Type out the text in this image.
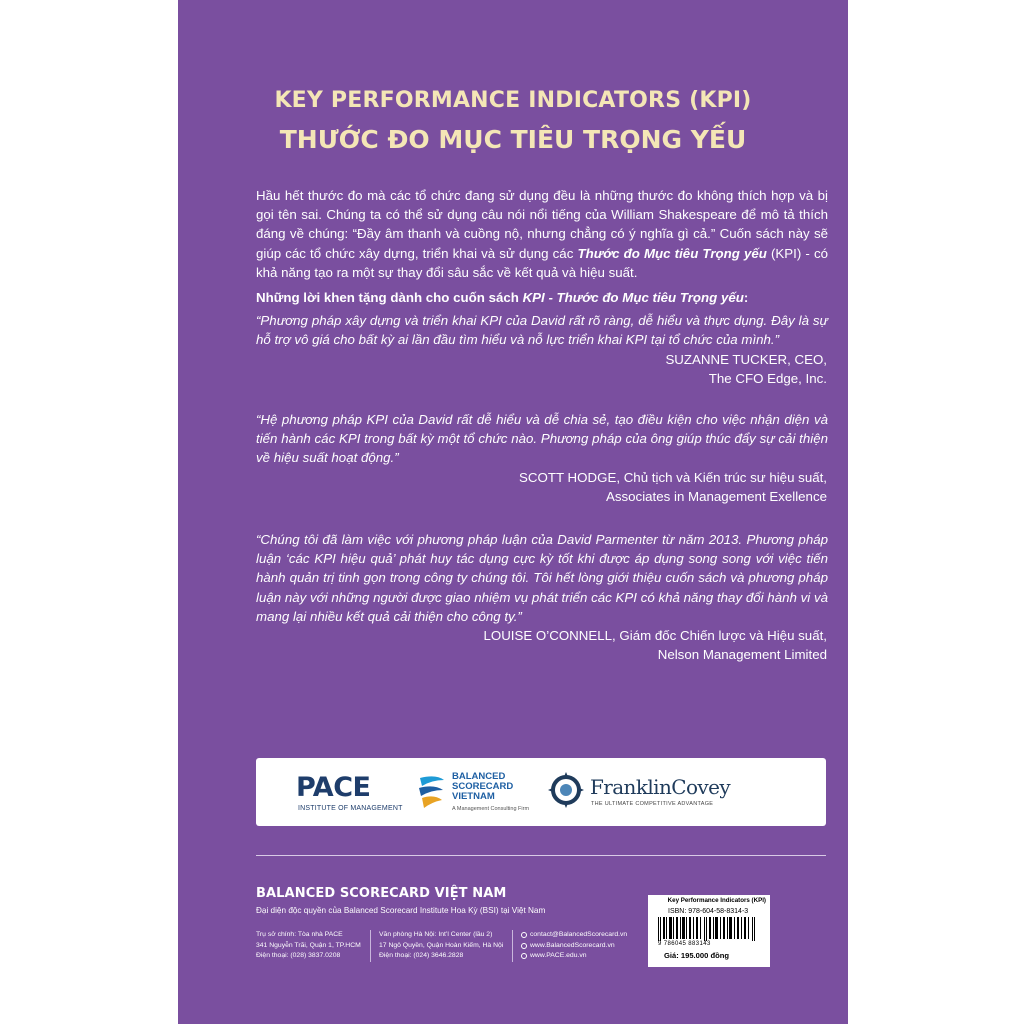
KEY PERFORMANCE INDICATORS (KPI)
THƯỚC ĐO MỤC TIÊU TRỌNG YẾU

Hầu hết thước đo mà các tổ chức đang sử dụng đều là những thước đo không thích hợp và bị gọi tên sai. Chúng ta có thể sử dụng câu nói nổi tiếng của William Shakespeare để mô tả thích đáng về chúng: “Đầy âm thanh và cuồng nộ, nhưng chẳng có ý nghĩa gì cả.” Cuốn sách này sẽ giúp các tổ chức xây dựng, triển khai và sử dụng các Thước đo Mục tiêu Trọng yếu (KPI) - có khả năng tạo ra một sự thay đổi sâu sắc về kết quả và hiệu suất.

Những lời khen tặng dành cho cuốn sách KPI - Thước đo Mục tiêu Trọng yếu:

“Phương pháp xây dựng và triển khai KPI của David rất rõ ràng, dễ hiểu và thực dụng. Đây là sự hỗ trợ vô giá cho bất kỳ ai lần đầu tìm hiểu và nỗ lực triển khai KPI tại tổ chức của mình.”

SUZANNE TUCKER, CEO,

The CFO Edge, Inc.

“Hệ phương pháp KPI của David rất dễ hiểu và dễ chia sẻ, tạo điều kiện cho việc nhận diện và tiến hành các KPI trong bất kỳ một tổ chức nào. Phương pháp của ông giúp thúc đẩy sự cải thiện về hiệu suất hoạt động.”

SCOTT HODGE, Chủ tịch và Kiến trúc sư hiệu suất,

Associates in Management Exellence

“Chúng tôi đã làm việc với phương pháp luận của David Parmenter từ năm 2013. Phương pháp luận ‘các KPI hiệu quả’ phát huy tác dụng cực kỳ tốt khi được áp dụng song song với việc tiến hành quản trị tinh gọn trong công ty chúng tôi. Tôi hết lòng giới thiệu cuốn sách và phương pháp luận này với những người được giao nhiệm vụ phát triển các KPI có khả năng thay đổi hành vi và mang lại nhiều kết quả cải thiện cho công ty.”

LOUISE O’CONNELL, Giám đốc Chiến lược và Hiệu suất,

Nelson Management Limited

PACE
INSTITUTE OF MANAGEMENT
BALANCED
SCORECARD
VIETNAM
A Management Consulting Firm
FranklinCovey
THE ULTIMATE COMPETITIVE ADVANTAGE
BALANCED SCORECARD VIỆT NAM
Đại diện độc quyền của Balanced Scorecard Institute Hoa Kỳ (BSI) tại Việt Nam
Trụ sở chính: Tòa nhà PACE
341 Nguyễn Trãi, Quận 1, TP.HCM
Điện thoại: (028) 3837.0208
Văn phòng Hà Nội: Int’l Center (lầu 2)
17 Ngô Quyền, Quận Hoàn Kiếm, Hà Nội
Điện thoại: (024) 3646.2828
contact@BalancedScorecard.vn
www.BalancedScorecard.vn
www.PACE.edu.vn
Key Performance Indicators (KPI)
ISBN: 978-604-58-8314-3
9 786045 883143
Giá: 195.000 đồng
